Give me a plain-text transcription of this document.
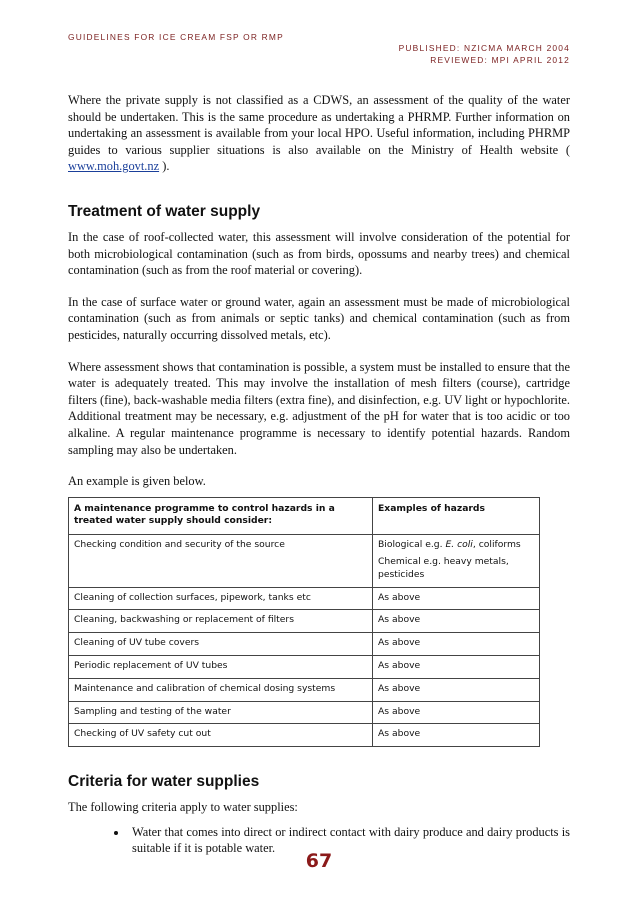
GUIDELINES FOR ICE CREAM FSP OR RMP
PUBLISHED: NZICMA MARCH 2004
REVIEWED: MPI APRIL 2012

Where the private supply is not classified as a CDWS, an assessment of the quality of the water should be undertaken. This is the same procedure as undertaking a PHRMP. Further information on undertaking an assessment is available from your local HPO. Useful information, including PHRMP guides to various supplier situations is also available on the Ministry of Health website ( www.moh.govt.nz ).

Treatment of water supply

In the case of roof-collected water, this assessment will involve consideration of the potential for both microbiological contamination (such as from birds, opossums and nearby trees) and chemical contamination (such as from the roof material or covering).

In the case of surface water or ground water, again an assessment must be made of microbiological contamination (such as from animals or septic tanks) and chemical contamination (such as from pesticides, naturally occurring dissolved metals, etc).

Where assessment shows that contamination is possible, a system must be installed to ensure that the water is adequately treated. This may involve the installation of mesh filters (course), cartridge filters (fine), back-washable media filters (extra fine), and disinfection, e.g. UV light or hypochlorite. Additional treatment may be necessary, e.g. adjustment of the pH for water that is too acidic or too alkaline. A regular maintenance programme is necessary to identify potential hazards. Random sampling may also be undertaken.

An example is given below.

A maintenance programme to control hazards in a treated water supply should consider:	Examples of hazards
Checking condition and security of the source	Biological e.g. E. coli, coliforms
Chemical e.g. heavy metals, pesticides

Cleaning of collection surfaces, pipework, tanks etc	As above
Cleaning, backwashing or replacement of filters	As above
Cleaning of UV tube covers	As above
Periodic replacement of UV tubes	As above
Maintenance and calibration of chemical dosing systems	As above
Sampling and testing of the water	As above
Checking of UV safety cut out	As above
Criteria for water supplies

The following criteria apply to water supplies:

• Water that comes into direct or indirect contact with dairy produce and dairy products is suitable if it is potable water.
67
